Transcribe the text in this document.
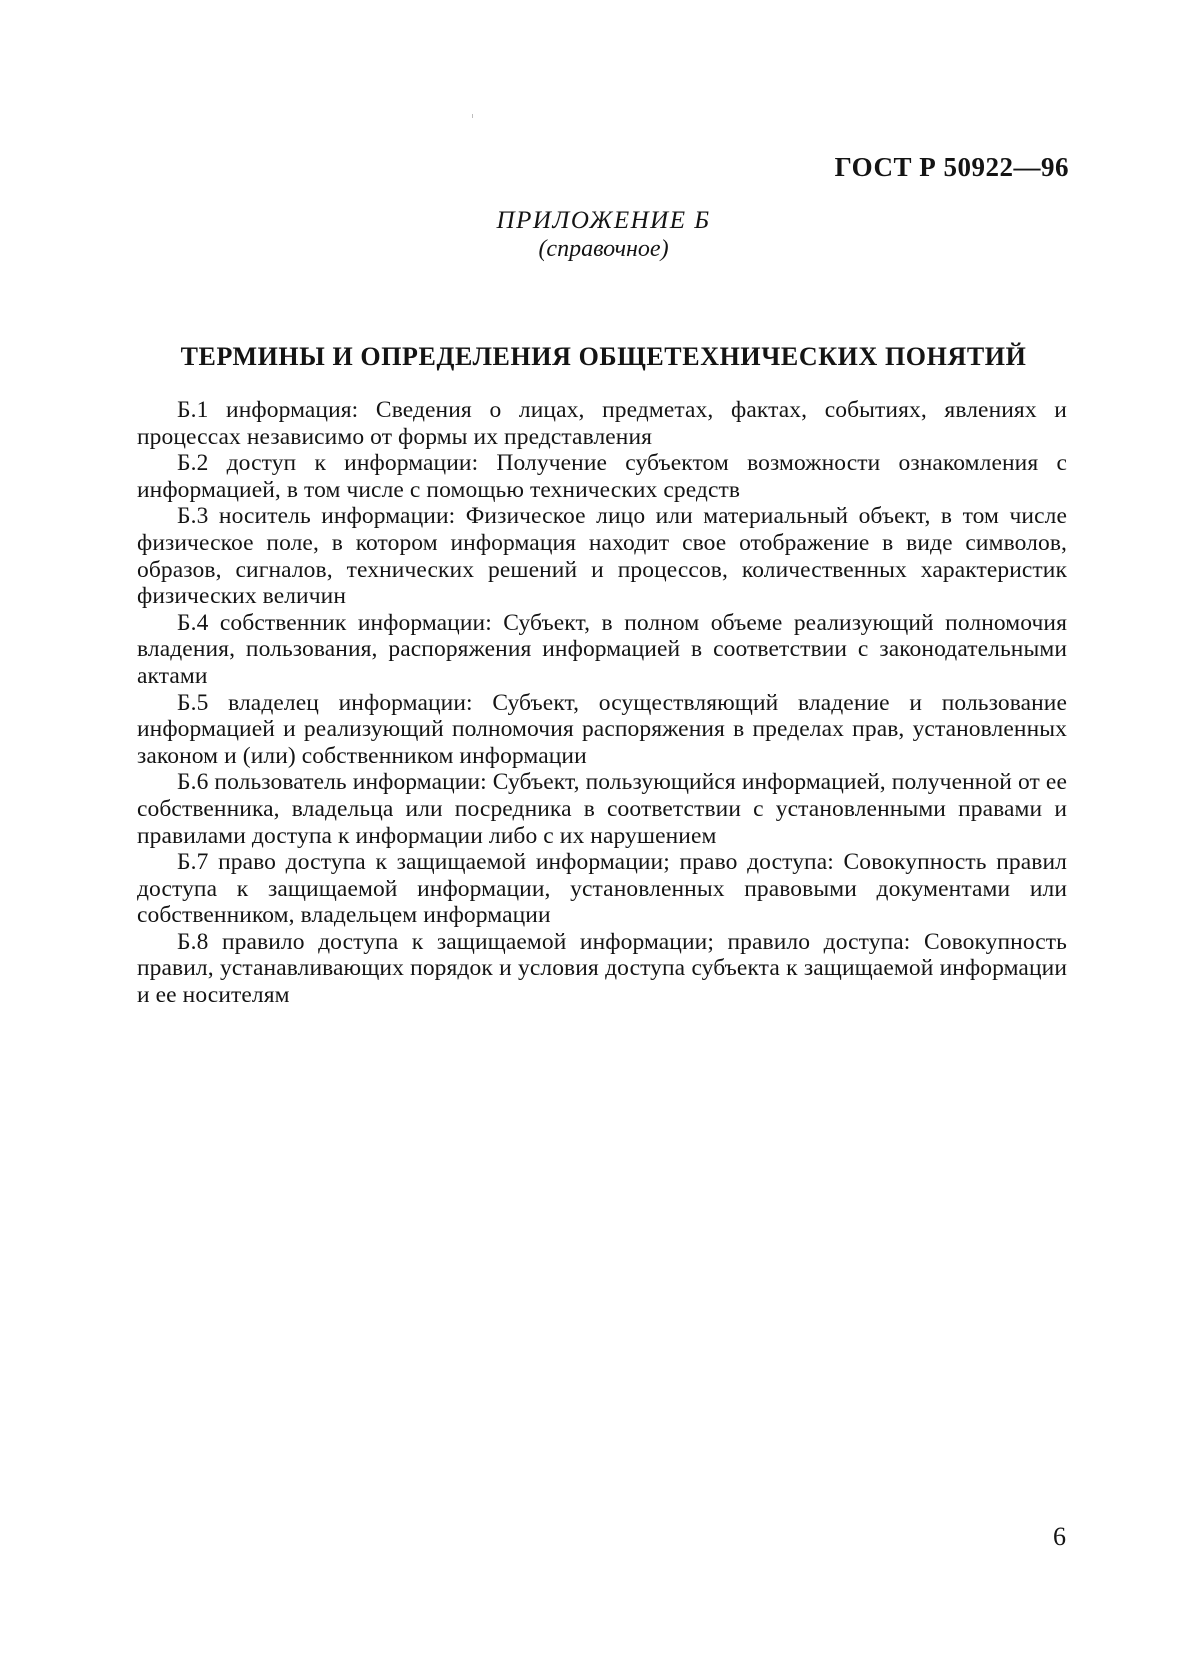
ГОСТ Р 50922—96

ПРИЛОЖЕНИЕ Б

(справочное)

ТЕРМИНЫ И ОПРЕДЕЛЕНИЯ ОБЩЕТЕХНИЧЕСКИХ ПОНЯТИЙ
Б.1 информация: Сведения о лицах, предметах, фактах, событиях, явлениях и процессах независимо от формы их представления
Б.2 доступ к информации: Получение субъектом возможности ознакомления с информацией, в том числе с помощью технических средств
Б.3 носитель информации: Физическое лицо или материальный объект, в том числе физическое поле, в котором информация находит свое отображение в виде символов, образов, сигналов, технических решений и процессов, количественных характеристик физических величин
Б.4 собственник информации: Субъект, в полном объеме реализующий полномочия владения, пользования, распоряжения информацией в соответствии с законодательными актами
Б.5 владелец информации: Субъект, осуществляющий владение и пользование информацией и реализующий полномочия распоряжения в пределах прав, установленных законом и (или) собственником информации
Б.6 пользователь информации: Субъект, пользующийся информацией, полученной от ее собственника, владельца или посредника в соответствии с установленными правами и правилами доступа к информации либо с их нарушением
Б.7 право доступа к защищаемой информации; право доступа: Совокупность правил доступа к защищаемой информации, установленных правовыми документами или собственником, владельцем информации
Б.8 правило доступа к защищаемой информации; правило доступа: Совокупность правил, устанавливающих порядок и условия доступа субъекта к защищаемой информации и ее носителям

6
